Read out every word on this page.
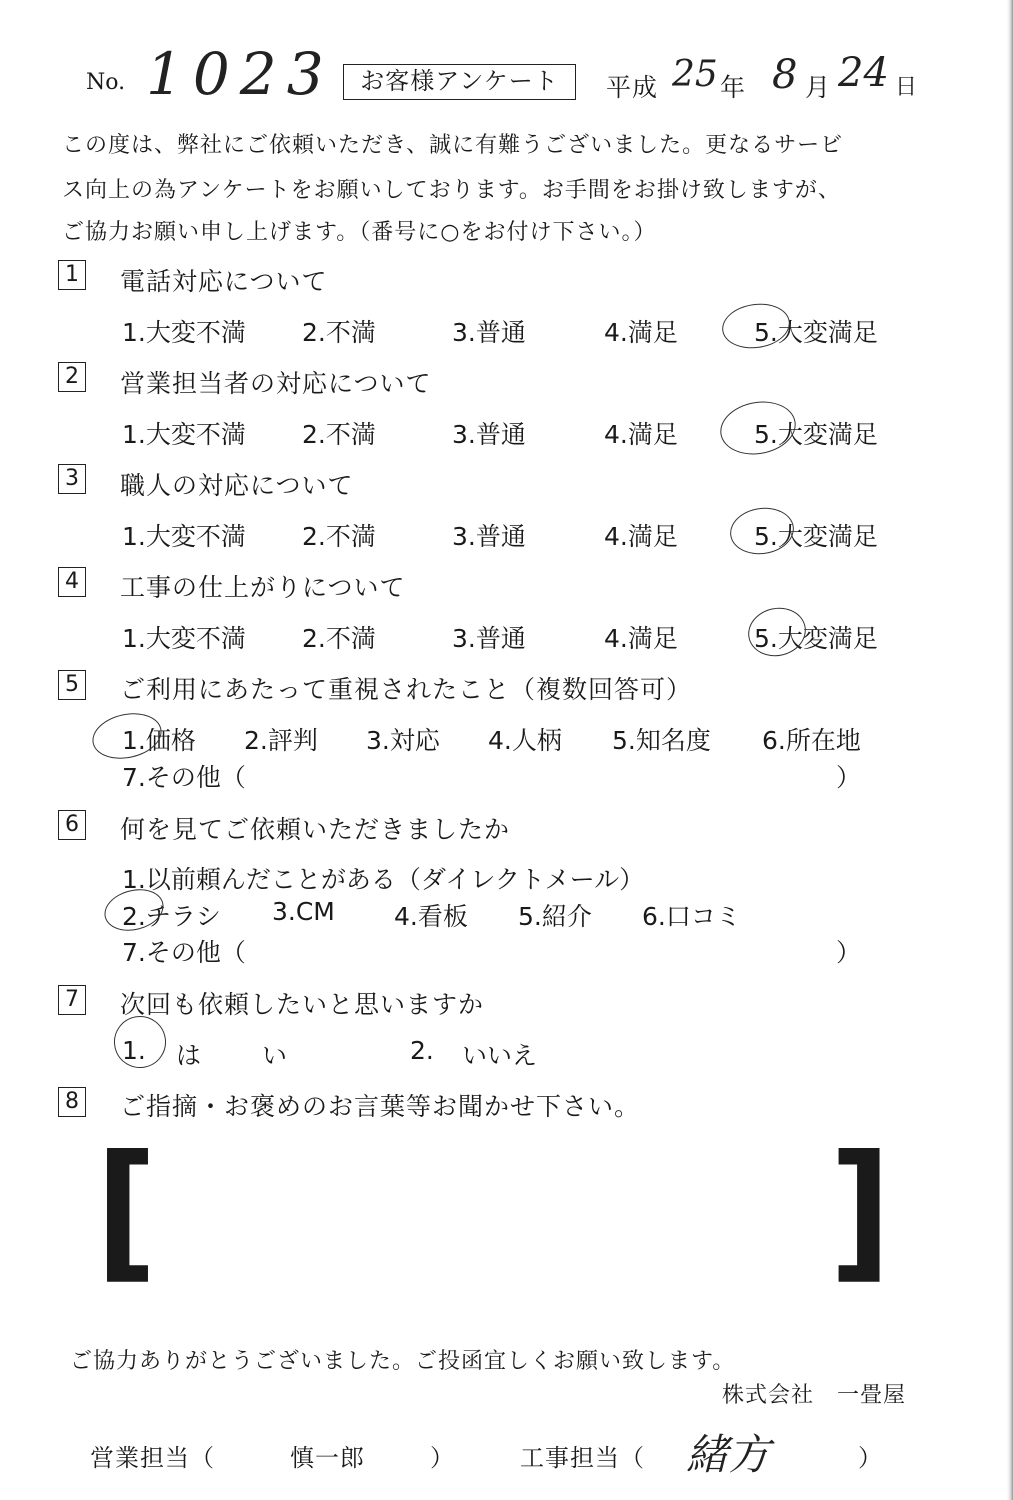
No. 1023	お客様アンケート	平成 25 年 8 月 24 日
この度は、弊社にご依頼いただき、誠に有難うございました。更なるサービ
ス向上の為アンケートをお願いしております。お手間をお掛け致しますが、
ご協力お願い申し上げます。（番号に○をお付け下さい。）
1 電話対応について
1.大変不満 2.不満	3.普通	4.満足	5.大変満足
2 営業担当者の対応について
1.大変不満 2.不満	3.普通	4.満足	5.大変満足
3 職人の対応について
1.大変不満 2.不満	3.普通	4.満足	5.大変満足
4 工事の仕上がりについて
1.大変不満 2.不満	3.普通	4.満足	5.大変満足
5 ご利用にあたって重視されたこと（複数回答可）
1.価格 2.評判 3.対応 4.人柄 5.知名度 6.所在地
7.その他（	）
6 何を見てご依頼いただきましたか
1.以前頼んだことがある（ダイレクトメール）
2.チラシ 3.CM 4.看板 5.紹介 6.口コミ
7.その他（	）
7 次回も依頼したいと思いますか
1. は い	2. いいえ
8 ご指摘・お褒めのお言葉等お聞かせ下さい。
[	]
ご協力ありがとうございました。ご投函宜しくお願い致します。
株式会社　一畳屋
営業担当（	慎一郎	）	工事担当（ 緒方	）
